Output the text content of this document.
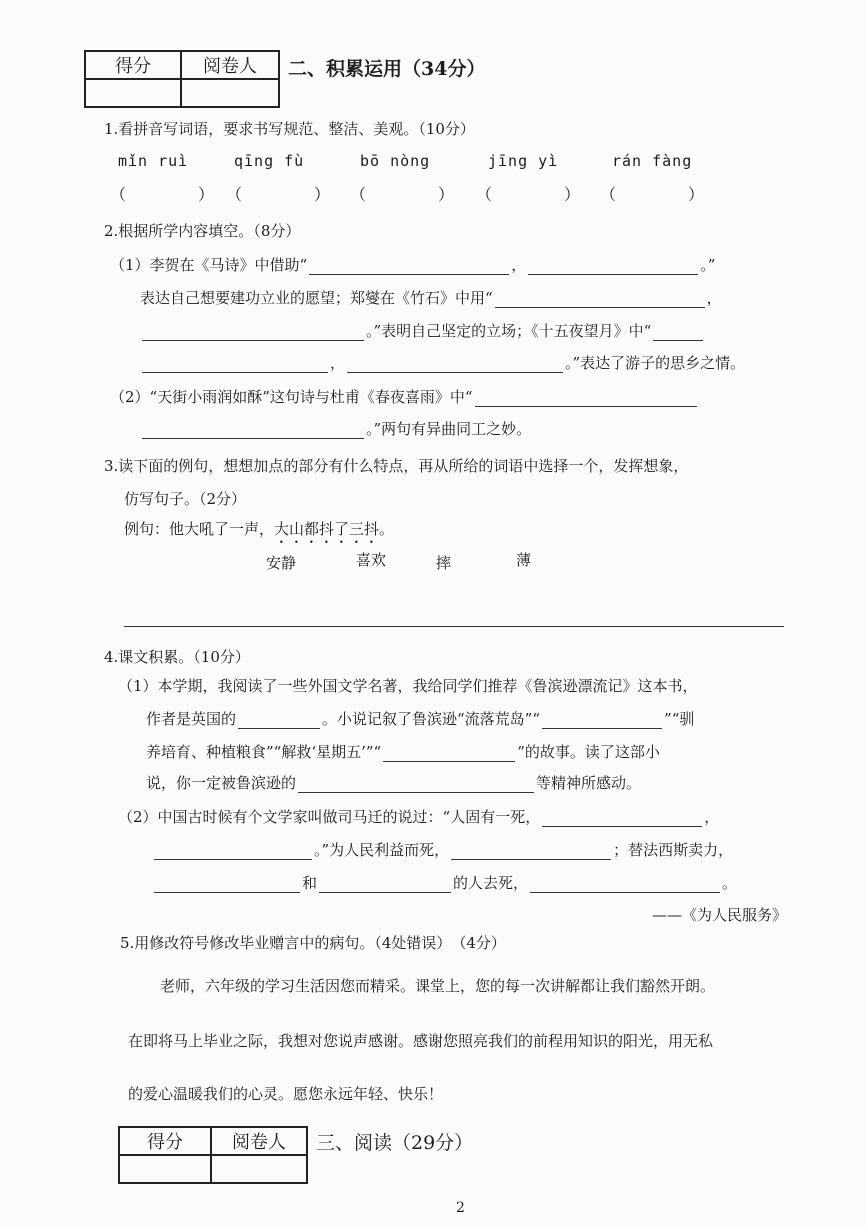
得分	阅卷人
	二、积累运用（34分）
1.看拼音写词语，要求书写规范、整洁、美观。（10分）
mǐn ruì	qīng fù	bō nòng	jīng yì	rán fàng
（	） （	） （	） （	） （	）
2.根据所学内容填空。（8分）
（1）李贺在《马诗》中借助“	，	。”
表达自己想要建功立业的愿望；郑燮在《竹石》中用“	，
。”表明自己坚定的立场；《十五夜望月》中“
，	。”表达了游子的思乡之情。
（2）“天街小雨润如酥”这句诗与杜甫《春夜喜雨》中“
。”两句有异曲同工之妙。
3.读下面的例句，想想加点的部分有什么特点，再从所给的词语中选择一个，发挥想象，
仿写句子。（2分）
例句：他大吼了一声，大山都抖了三抖。
安静	喜欢	摔	薄
4.课文积累。（10分）
（1）本学期，我阅读了一些外国文学名著，我给同学们推荐《鲁滨逊漂流记》这本书，
作者是英国的	。小说记叙了鲁滨逊“流落荒岛”“	”“驯
养培育、种植粮食”“解救‘星期五’”“	”的故事。读了这部小
说，你一定被鲁滨逊的	等精神所感动。
（2）中国古时候有个文学家叫做司马迁的说过：“人固有一死，	，
。”为人民利益而死，	；替法西斯卖力，
和	的人去死，	。
——《为人民服务》
5.用修改符号修改毕业赠言中的病句。（4处错误）　（4分）
老师，六年级的学习生活因您而精采。课堂上，您的每一次讲解都让我们豁然开朗。
在即将马上毕业之际，我想对您说声感谢。感谢您照亮我们的前程用知识的阳光，用无私
的爱心温暖我们的心灵。愿您永远年轻、快乐！
得分	阅卷人
	三、阅读（29分）
2
